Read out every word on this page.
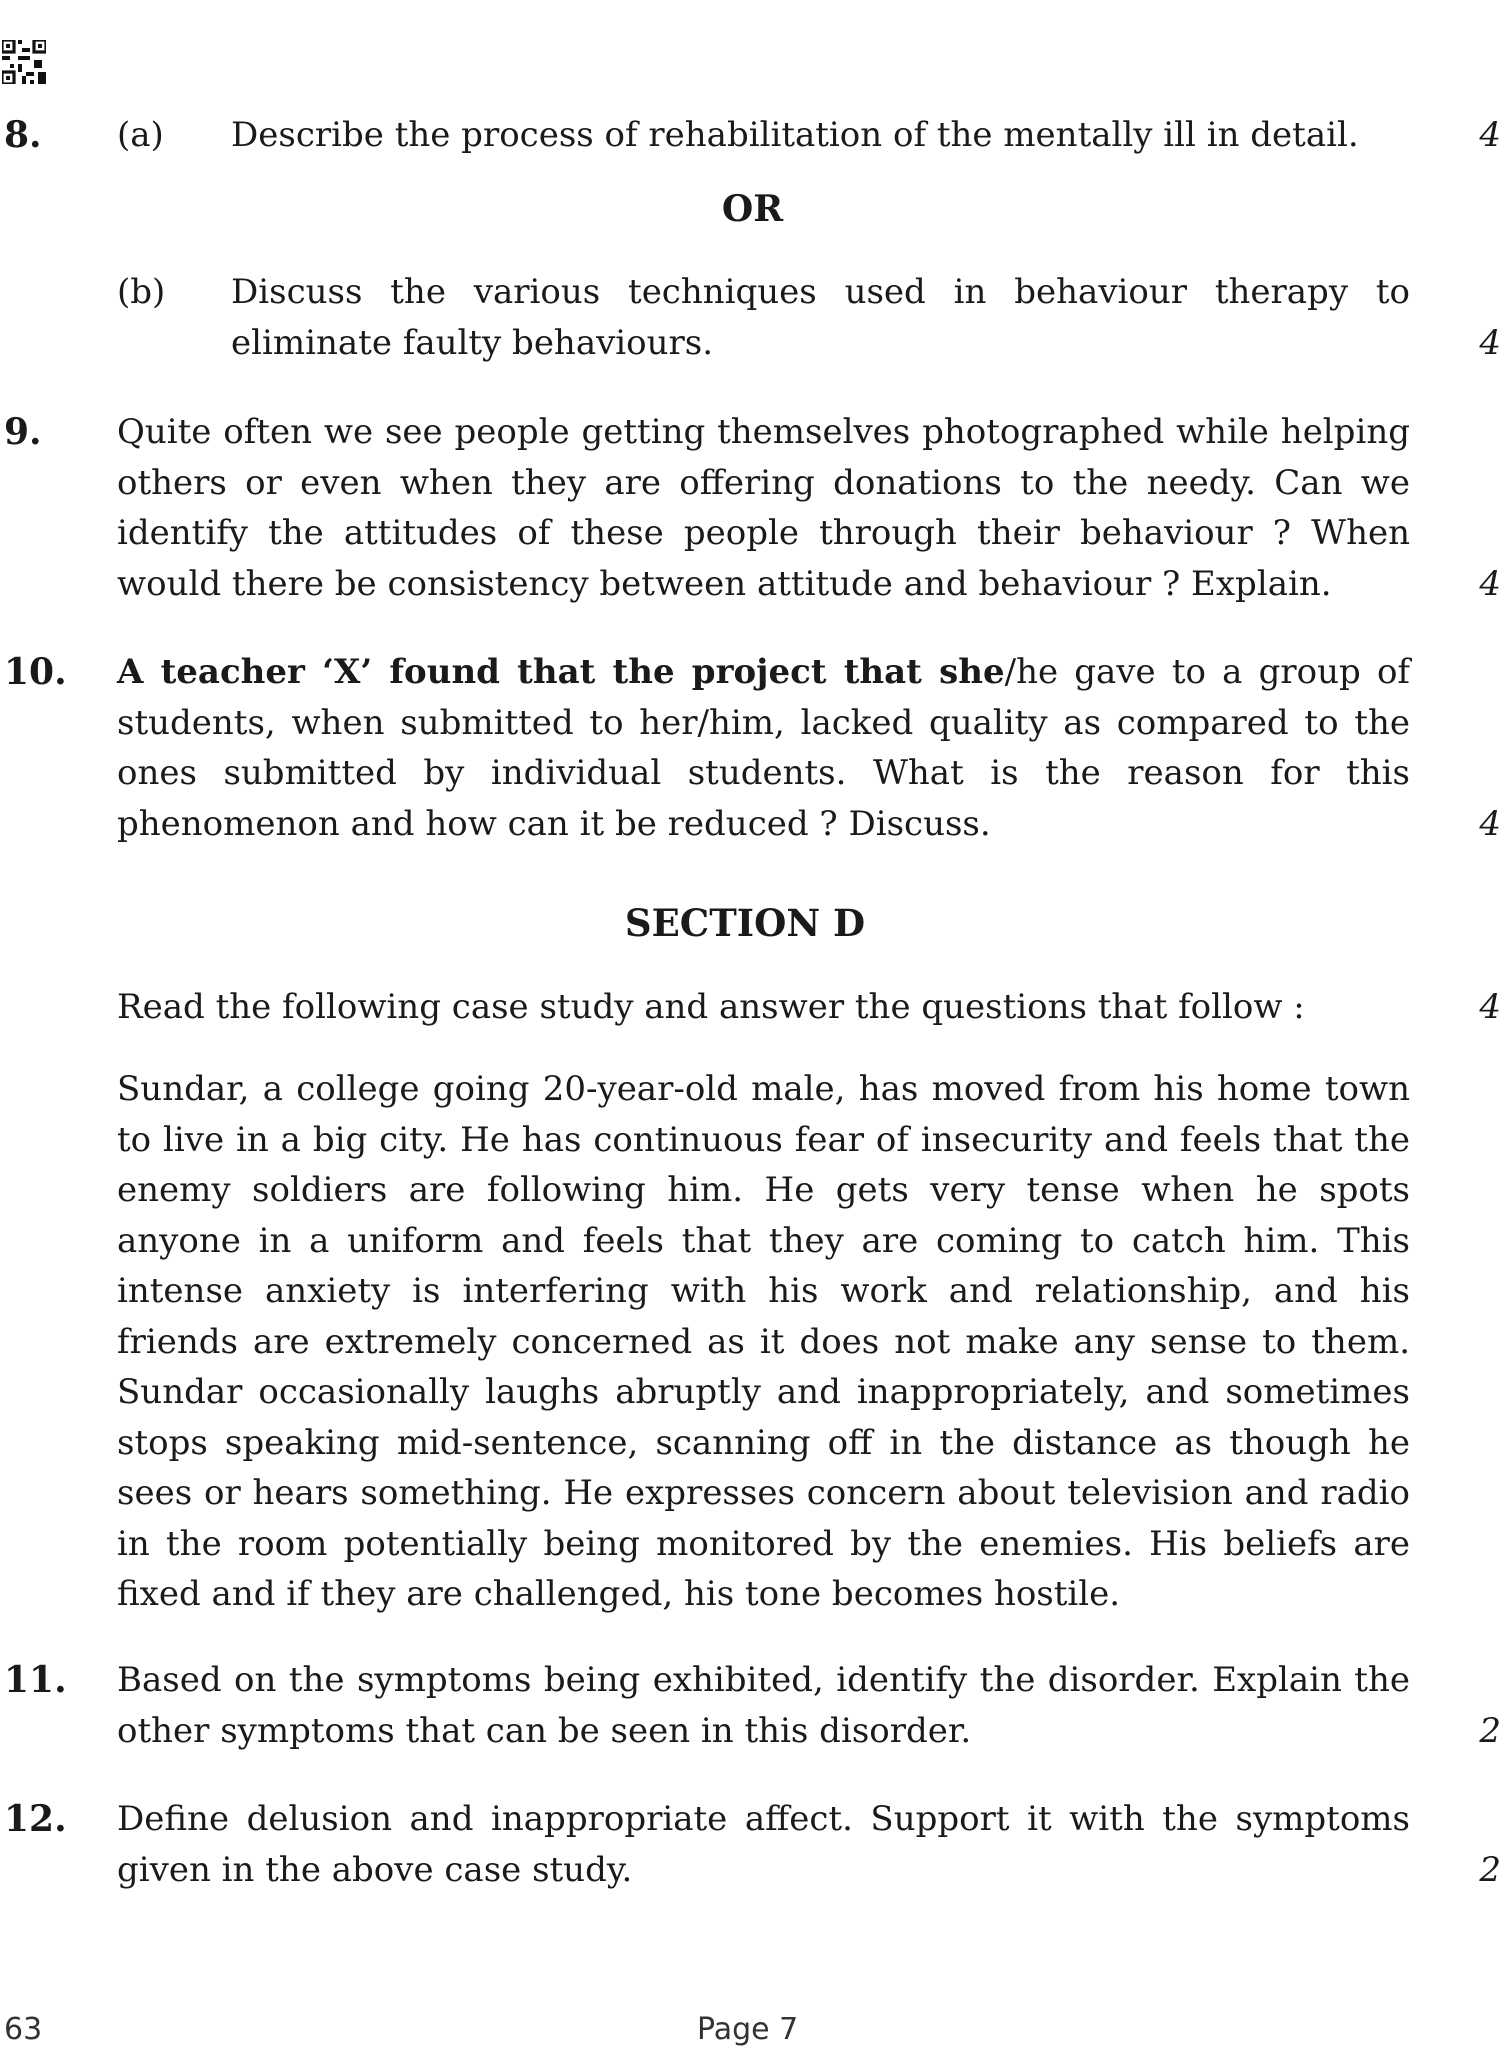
8. (a) Describe the process of rehabilitation of the mentally ill in detail.	4
OR
(b) Discuss the various techniques used in behaviour therapy to eliminate faulty behaviours.	4
9. Quite often we see people getting themselves photographed while helping others or even when they are offering donations to the needy. Can we identify the attitudes of these people through their behaviour ? When would there be consistency between attitude and behaviour ? Explain.	4
10. A teacher ‘X’ found that the project that she/he gave to a group of students, when submitted to her/him, lacked quality as compared to the ones submitted by individual students. What is the reason for this phenomenon and how can it be reduced ? Discuss.	4
SECTION D
Read the following case study and answer the questions that follow :	4
Sundar, a college going 20-year-old male, has moved from his home town to live in a big city. He has continuous fear of insecurity and feels that the enemy soldiers are following him. He gets very tense when he spots anyone in a uniform and feels that they are coming to catch him. This intense anxiety is interfering with his work and relationship, and his friends are extremely concerned as it does not make any sense to them. Sundar occasionally laughs abruptly and inappropriately, and sometimes stops speaking mid-sentence, scanning off in the distance as though he sees or hears something. He expresses concern about television and radio in the room potentially being monitored by the enemies. His beliefs are fixed and if they are challenged, his tone becomes hostile.
11. Based on the symptoms being exhibited, identify the disorder. Explain the other symptoms that can be seen in this disorder.	2
12. Define delusion and inappropriate affect. Support it with the symptoms given in the above case study.	2
63	Page 7
